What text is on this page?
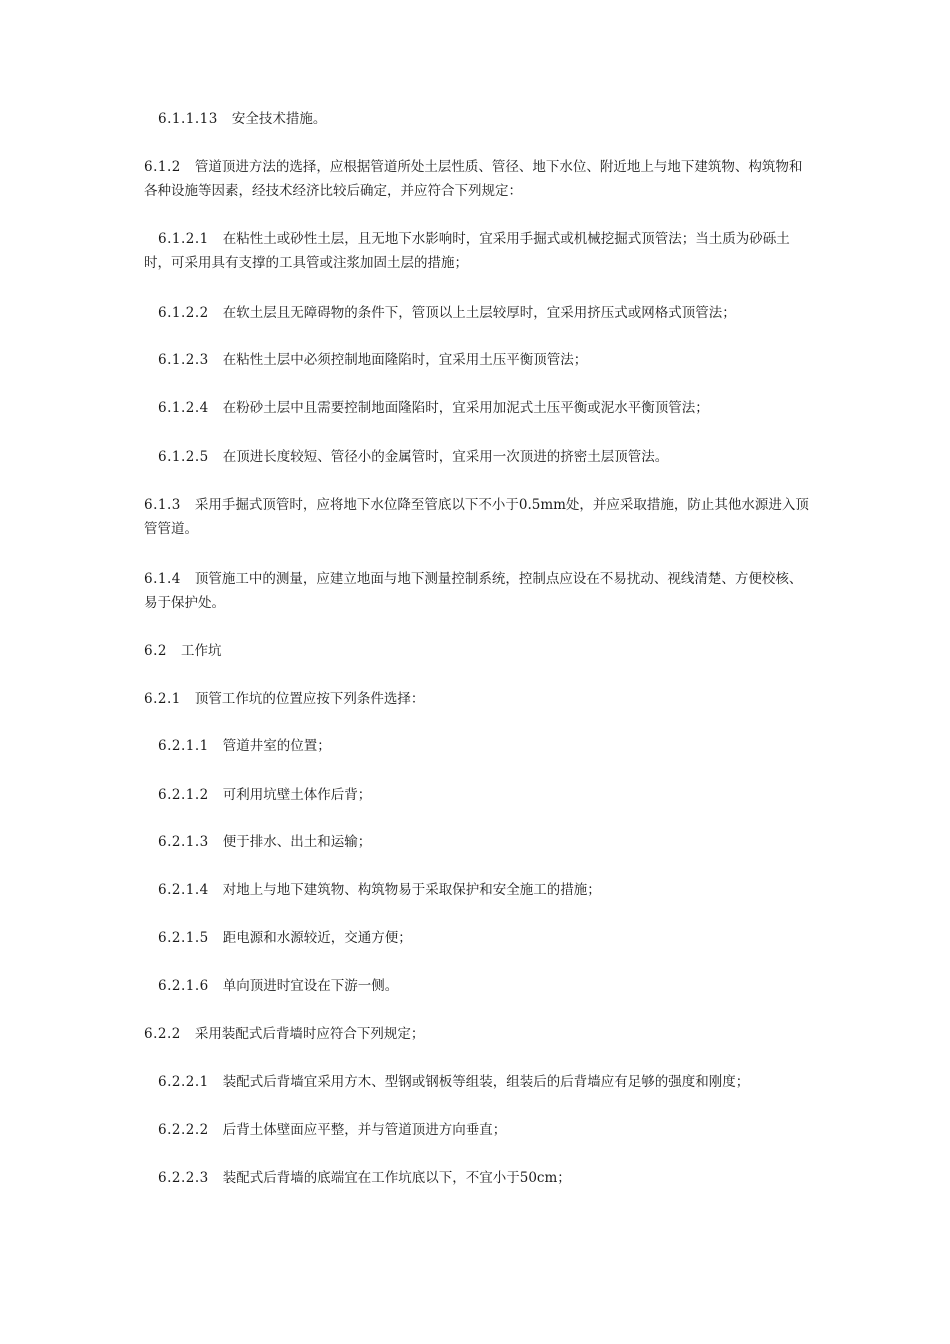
6.1.1.13 安全技术措施。

6.1.2 管道顶进方法的选择，应根据管道所处土层性质、管径、地下水位、附近地上与地下建筑物、构筑物和各种设施等因素，经技术经济比较后确定，并应符合下列规定：

6.1.2.1 在粘性土或砂性土层，且无地下水影响时，宜采用手掘式或机械挖掘式顶管法；当土质为砂砾土时，可采用具有支撑的工具管或注浆加固土层的措施；

6.1.2.2 在软土层且无障碍物的条件下，管顶以上土层较厚时，宜采用挤压式或网格式顶管法；

6.1.2.3 在粘性土层中必须控制地面隆陷时，宜采用土压平衡顶管法；

6.1.2.4 在粉砂土层中且需要控制地面隆陷时，宜采用加泥式土压平衡或泥水平衡顶管法；

6.1.2.5 在顶进长度较短、管径小的金属管时，宜采用一次顶进的挤密土层顶管法。

6.1.3 采用手掘式顶管时，应将地下水位降至管底以下不小于0.5mm处，并应采取措施，防止其他水源进入顶管管道。

6.1.4 顶管施工中的测量，应建立地面与地下测量控制系统，控制点应设在不易扰动、视线清楚、方便校核、易于保护处。

6.2 工作坑

6.2.1 顶管工作坑的位置应按下列条件选择：

6.2.1.1 管道井室的位置；

6.2.1.2 可利用坑壁土体作后背；

6.2.1.3 便于排水、出土和运输；

6.2.1.4 对地上与地下建筑物、构筑物易于采取保护和安全施工的措施；

6.2.1.5 距电源和水源较近，交通方便；

6.2.1.6 单向顶进时宜设在下游一侧。

6.2.2 采用装配式后背墙时应符合下列规定；

6.2.2.1 装配式后背墙宜采用方木、型钢或钢板等组装，组装后的后背墙应有足够的强度和刚度；

6.2.2.2 后背土体壁面应平整，并与管道顶进方向垂直；

6.2.2.3 装配式后背墙的底端宜在工作坑底以下，不宜小于50cm；
